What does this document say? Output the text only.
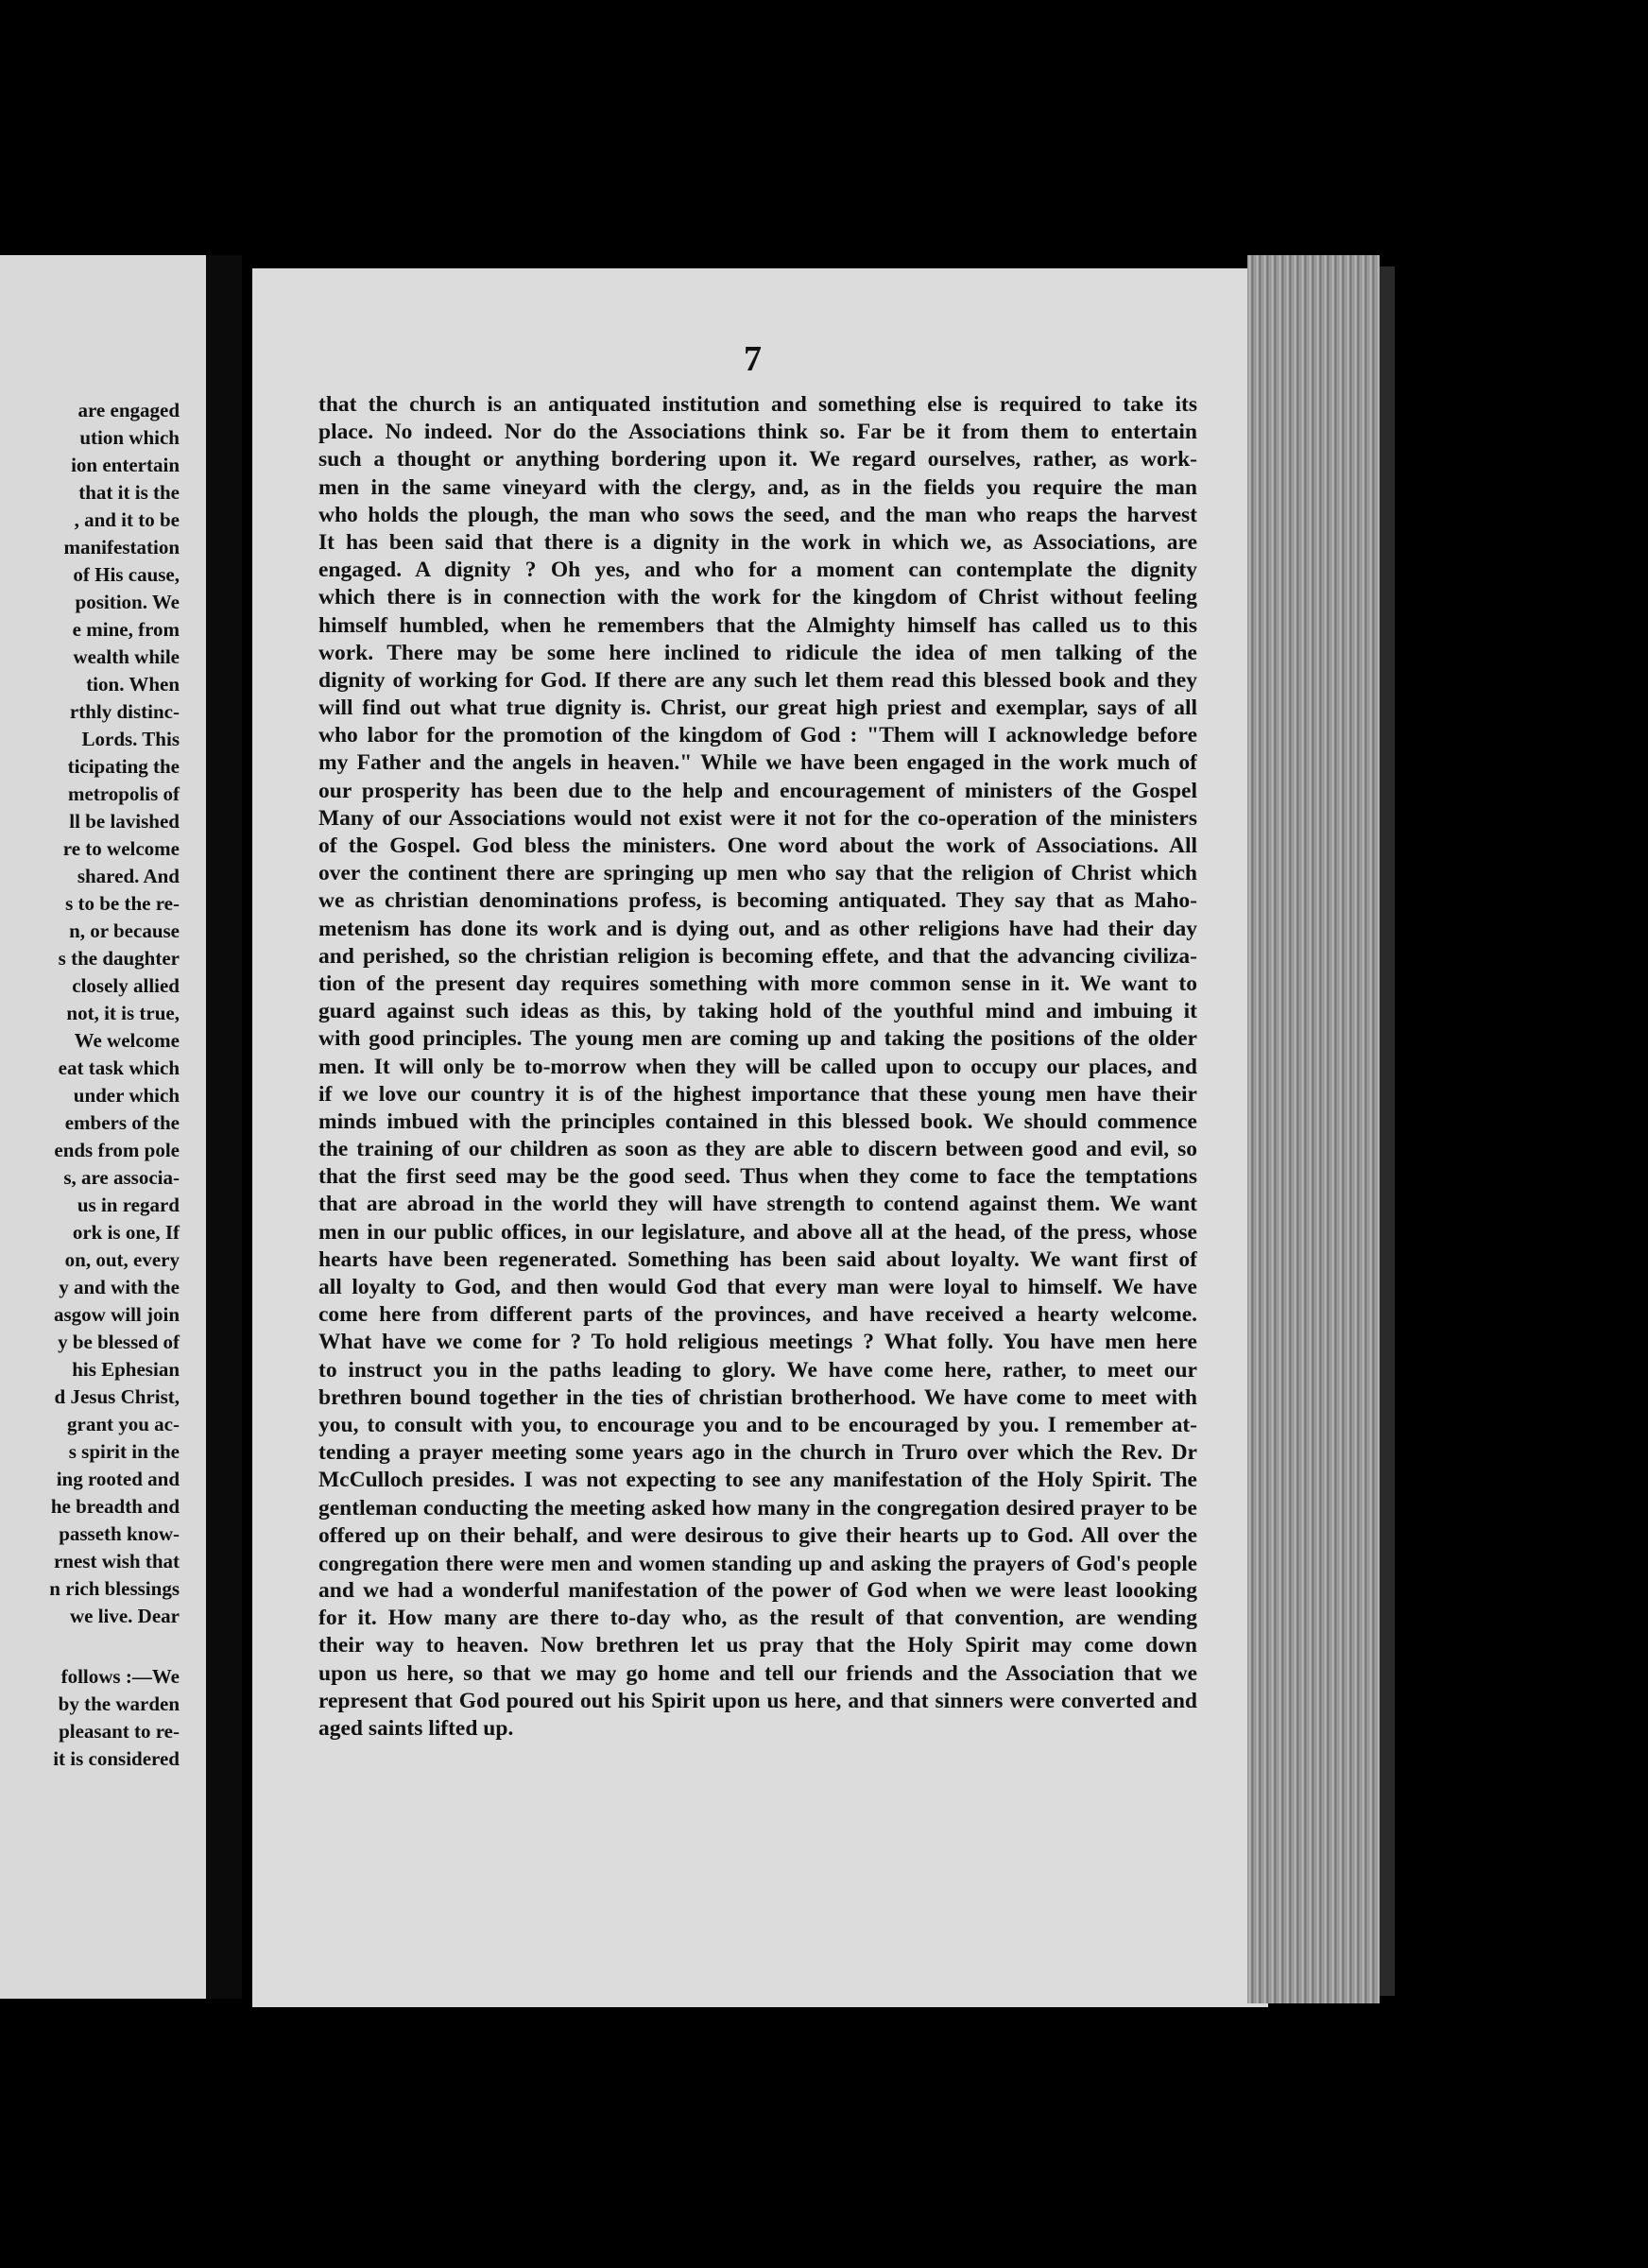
are engaged
ution which
ion entertain
that it is the
, and it to be
manifestation
of His cause,
position. We
e mine, from
wealth while
tion. When
rthly distinc-
Lords. This
ticipating the
metropolis of
ll be lavished
re to welcome
shared. And
s to be the re-
n, or because
s the daughter
closely allied
not, it is true,
We welcome
eat task which
under which
embers of the
ends from pole
s, are associa-
us in regard
ork is one, If
on, out, every
y and with the
asgow will join
y be blessed of
his Ephesian
d Jesus Christ,
grant you ac-
s spirit in the
ing rooted and
he breadth and
passeth know-
rnest wish that
n rich blessings
we live. Dear
follows :—We
by the warden
pleasant to re-
it is considered
7
that the church is an antiquated institution and something else is required to take its
place. No indeed. Nor do the Associations think so. Far be it from them to entertain
such a thought or anything bordering upon it. We regard ourselves, rather, as work-
men in the same vineyard with the clergy, and, as in the fields you require the man
who holds the plough, the man who sows the seed, and the man who reaps the harvest
It has been said that there is a dignity in the work in which we, as Associations, are
engaged. A dignity ? Oh yes, and who for a moment can contemplate the dignity
which there is in connection with the work for the kingdom of Christ without feeling
himself humbled, when he remembers that the Almighty himself has called us to this
work. There may be some here inclined to ridicule the idea of men talking of the
dignity of working for God. If there are any such let them read this blessed book and they
will find out what true dignity is. Christ, our great high priest and exemplar, says of all
who labor for the promotion of the kingdom of God : "Them will I acknowledge before
my Father and the angels in heaven." While we have been engaged in the work much of
our prosperity has been due to the help and encouragement of ministers of the Gospel
Many of our Associations would not exist were it not for the co-operation of the ministers
of the Gospel. God bless the ministers. One word about the work of Associations. All
over the continent there are springing up men who say that the religion of Christ which
we as christian denominations profess, is becoming antiquated. They say that as Maho-
metenism has done its work and is dying out, and as other religions have had their day
and perished, so the christian religion is becoming effete, and that the advancing civiliza-
tion of the present day requires something with more common sense in it. We want to
guard against such ideas as this, by taking hold of the youthful mind and imbuing it
with good principles. The young men are coming up and taking the positions of the older
men. It will only be to-morrow when they will be called upon to occupy our places, and
if we love our country it is of the highest importance that these young men have their
minds imbued with the principles contained in this blessed book. We should commence
the training of our children as soon as they are able to discern between good and evil, so
that the first seed may be the good seed. Thus when they come to face the temptations
that are abroad in the world they will have strength to contend against them. We want
men in our public offices, in our legislature, and above all at the head, of the press, whose
hearts have been regenerated. Something has been said about loyalty. We want first of
all loyalty to God, and then would God that every man were loyal to himself. We have
come here from different parts of the provinces, and have received a hearty welcome.
What have we come for ? To hold religious meetings ? What folly. You have men here
to instruct you in the paths leading to glory. We have come here, rather, to meet our
brethren bound together in the ties of christian brotherhood. We have come to meet with
you, to consult with you, to encourage you and to be encouraged by you. I remember at-
tending a prayer meeting some years ago in the church in Truro over which the Rev. Dr
McCulloch presides. I was not expecting to see any manifestation of the Holy Spirit. The
gentleman conducting the meeting asked how many in the congregation desired prayer to be
offered up on their behalf, and were desirous to give their hearts up to God. All over the
congregation there were men and women standing up and asking the prayers of God's people
and we had a wonderful manifestation of the power of God when we were least loooking
for it. How many are there to-day who, as the result of that convention, are wending
their way to heaven. Now brethren let us pray that the Holy Spirit may come down
upon us here, so that we may go home and tell our friends and the Association that we
represent that God poured out his Spirit upon us here, and that sinners were converted and
aged saints lifted up.
